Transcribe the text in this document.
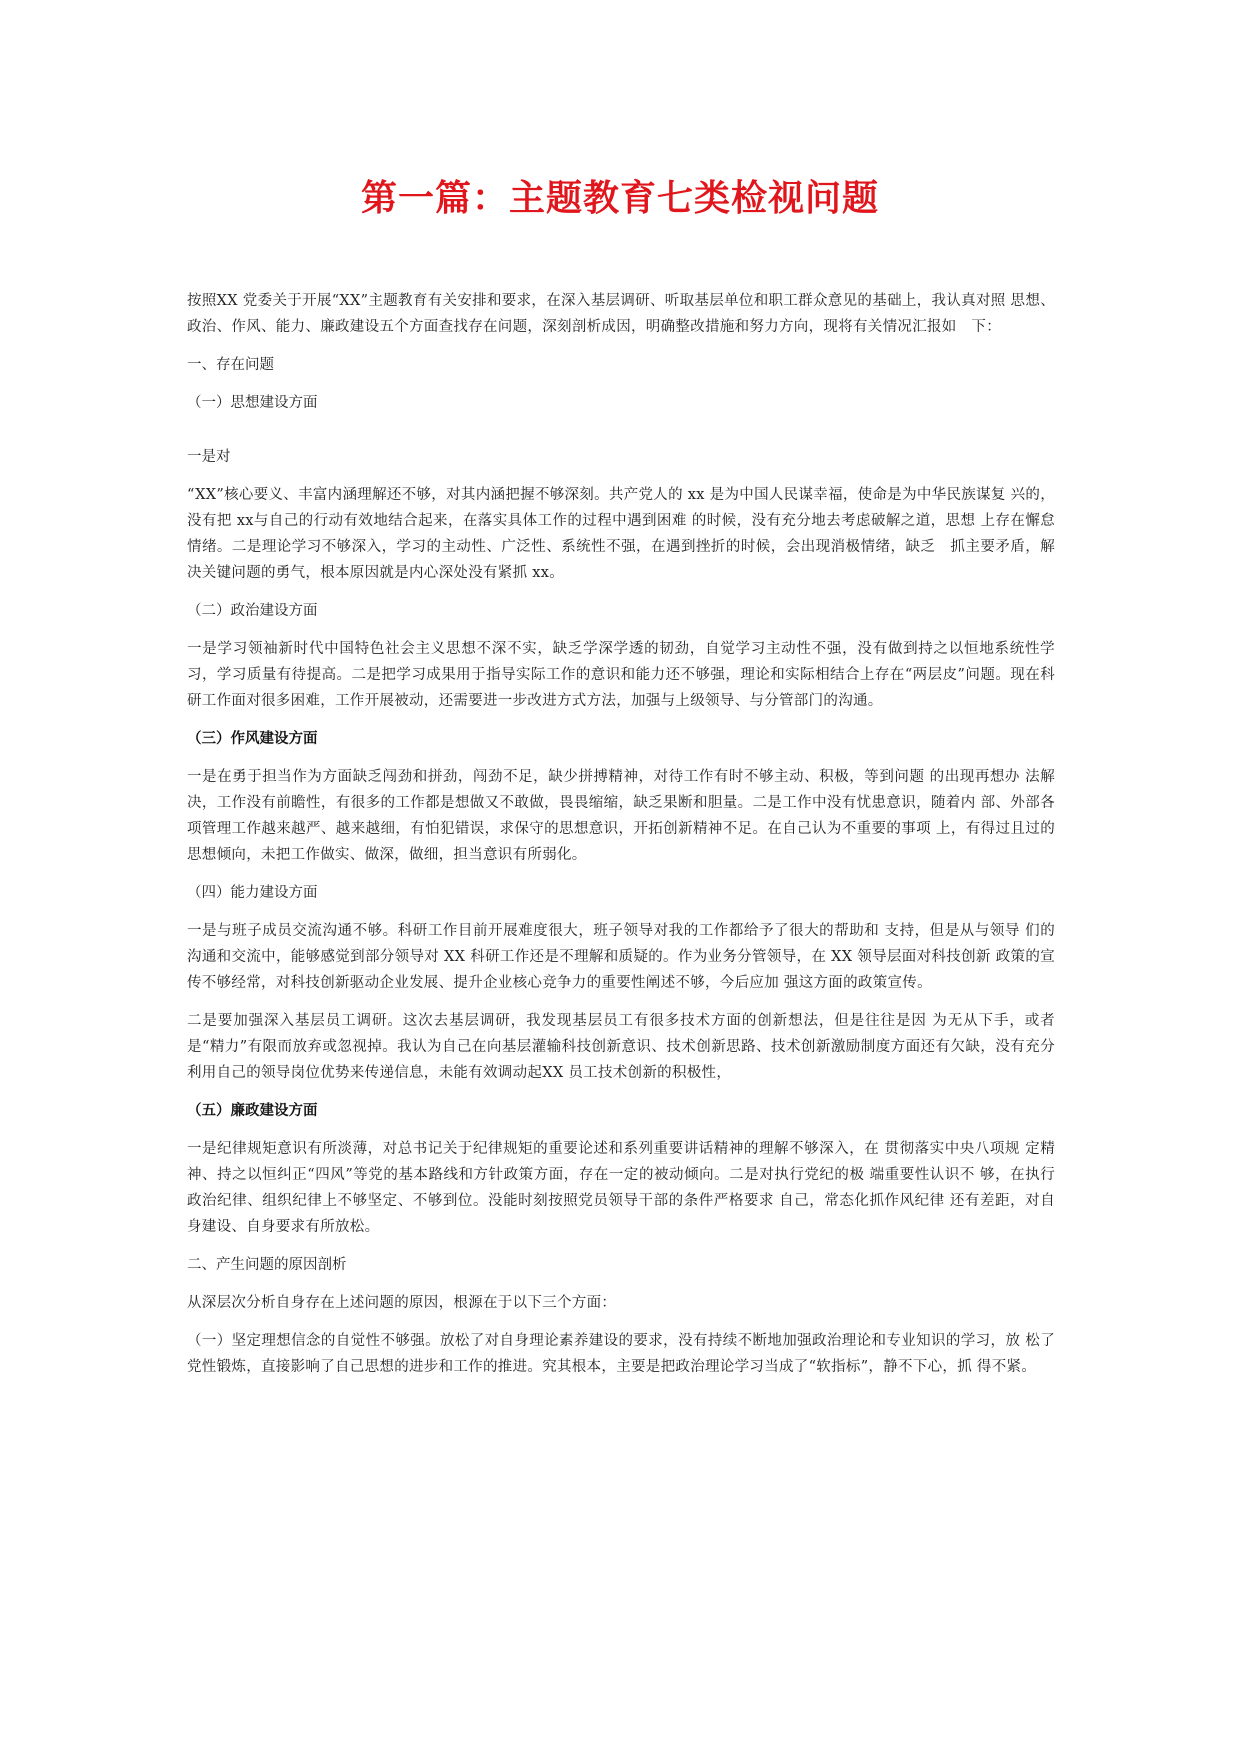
第一篇：主题教育七类检视问题

按照XX 党委关于开展“XX”主题教育有关安排和要求，在深入基层调研、听取基层单位和职工群众意见的基础上，我认真对照 思想、政治、作风、能力、廉政建设五个方面查找存在问题，深刻剖析成因，明确整改措施和努力方向，现将有关情况汇报如　下：

一、存在问题

（一）思想建设方面

一是对

“XX”核心要义、丰富内涵理解还不够，对其内涵把握不够深刻。共产党人的 xx 是为中国人民谋幸福，使命是为中华民族谋复 兴的，没有把 xx与自己的行动有效地结合起来，在落实具体工作的过程中遇到困难 的时候，没有充分地去考虑破解之道，思想 上存在懈怠情绪。二是理论学习不够深入，学习的主动性、广泛性、系统性不强，在遇到挫折的时候，会出现消极情绪，缺乏　抓主要矛盾，解决关键问题的勇气，根本原因就是内心深处没有紧抓 xx。

（二）政治建设方面

一是学习领袖新时代中国特色社会主义思想不深不实，缺乏学深学透的韧劲，自觉学习主动性不强，没有做到持之以恒地系统性学习，学习质量有待提高。二是把学习成果用于指导实际工作的意识和能力还不够强，理论和实际相结合上存在“两层皮”问题。现在科研工作面对很多困难，工作开展被动，还需要进一步改进方式方法，加强与上级领导、与分管部门的沟通。

（三）作风建设方面

一是在勇于担当作为方面缺乏闯劲和拼劲，闯劲不足，缺少拼搏精神，对待工作有时不够主动、积极，等到问题 的出现再想办 法解决，工作没有前瞻性，有很多的工作都是想做又不敢做，畏畏缩缩，缺乏果断和胆量。二是工作中没有忧患意识，随着内 部、外部各项管理工作越来越严、越来越细，有怕犯错误，求保守的思想意识，开拓创新精神不足。在自己认为不重要的事项 上，有得过且过的思想倾向，未把工作做实、做深，做细，担当意识有所弱化。

（四）能力建设方面

一是与班子成员交流沟通不够。科研工作目前开展难度很大，班子领导对我的工作都给予了很大的帮助和 支持，但是从与领导 们的沟通和交流中，能够感觉到部分领导对 XX 科研工作还是不理解和质疑的。作为业务分管领导，在 XX 领导层面对科技创新 政策的宣传不够经常，对科技创新驱动企业发展、提升企业核心竞争力的重要性阐述不够，今后应加 强这方面的政策宣传。

二是要加强深入基层员工调研。这次去基层调研，我发现基层员工有很多技术方面的创新想法，但是往往是因 为无从下手，或者是“精力”有限而放弃或忽视掉。我认为自己在向基层灌输科技创新意识、技术创新思路、技术创新激励制度方面还有欠缺，没有充分利用自己的领导岗位优势来传递信息，未能有效调动起XX 员工技术创新的积极性，

（五）廉政建设方面

一是纪律规矩意识有所淡薄，对总书记关于纪律规矩的重要论述和系列重要讲话精神的理解不够深入，在 贯彻落实中央八项规 定精神、持之以恒纠正“四风”等党的基本路线和方针政策方面，存在一定的被动倾向。二是对执行党纪的极 端重要性认识不 够，在执行政治纪律、组织纪律上不够坚定、不够到位。没能时刻按照党员领导干部的条件严格要求 自己，常态化抓作风纪律 还有差距，对自身建设、自身要求有所放松。

二、产生问题的原因剖析

从深层次分析自身存在上述问题的原因，根源在于以下三个方面：

（一）坚定理想信念的自觉性不够强。放松了对自身理论素养建设的要求，没有持续不断地加强政治理论和专业知识的学习，放 松了党性锻炼，直接影响了自己思想的进步和工作的推进。究其根本，主要是把政治理论学习当成了“软指标”，静不下心，抓 得不紧。
